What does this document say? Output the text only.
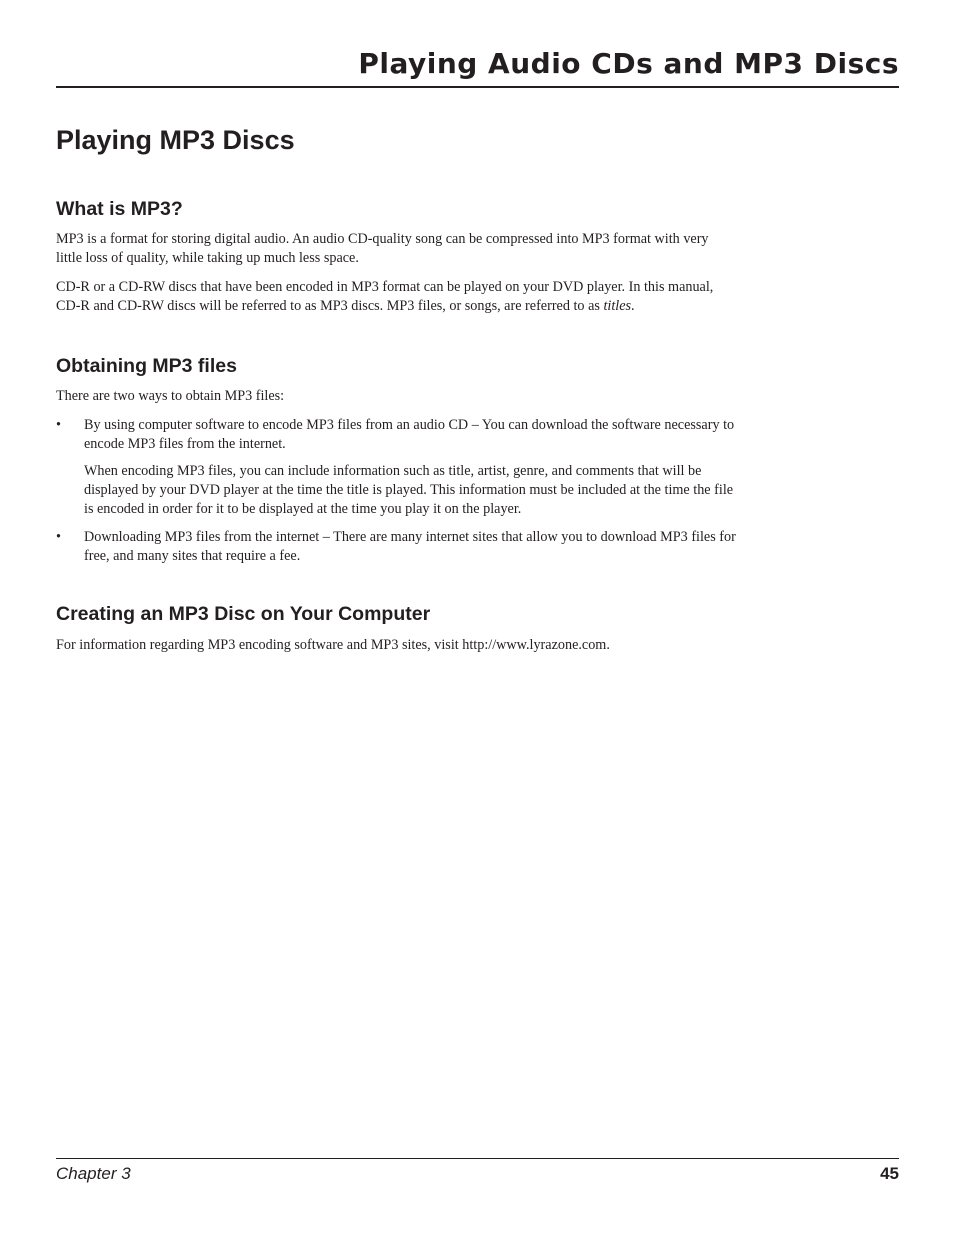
Playing Audio CDs and MP3 Discs
Playing MP3 Discs
What is MP3?

MP3 is a format for storing digital audio. An audio CD-quality song can be compressed into MP3 format with very little loss of quality, while taking up much less space.

CD-R or a CD-RW discs that have been encoded in MP3 format can be played on your DVD player. In this manual, CD-R and CD-RW discs will be referred to as MP3 discs. MP3 files, or songs, are referred to as titles.

Obtaining MP3 files

There are two ways to obtain MP3 files:

•	By using computer software to encode MP3 files from an audio CD – You can download the software necessary to encode MP3 files from the internet.

When encoding MP3 files, you can include information such as title, artist, genre, and comments that will be displayed by your DVD player at the time the title is played. This information must be included at the time the file is encoded in order for it to be displayed at the time you play it on the player.

•	Downloading MP3 files from the internet – There are many internet sites that allow you to download MP3 files for free, and many sites that require a fee.

Creating an MP3 Disc on Your Computer

For information regarding MP3 encoding software and MP3 sites, visit http://www.lyrazone.com.

Chapter 3	45
